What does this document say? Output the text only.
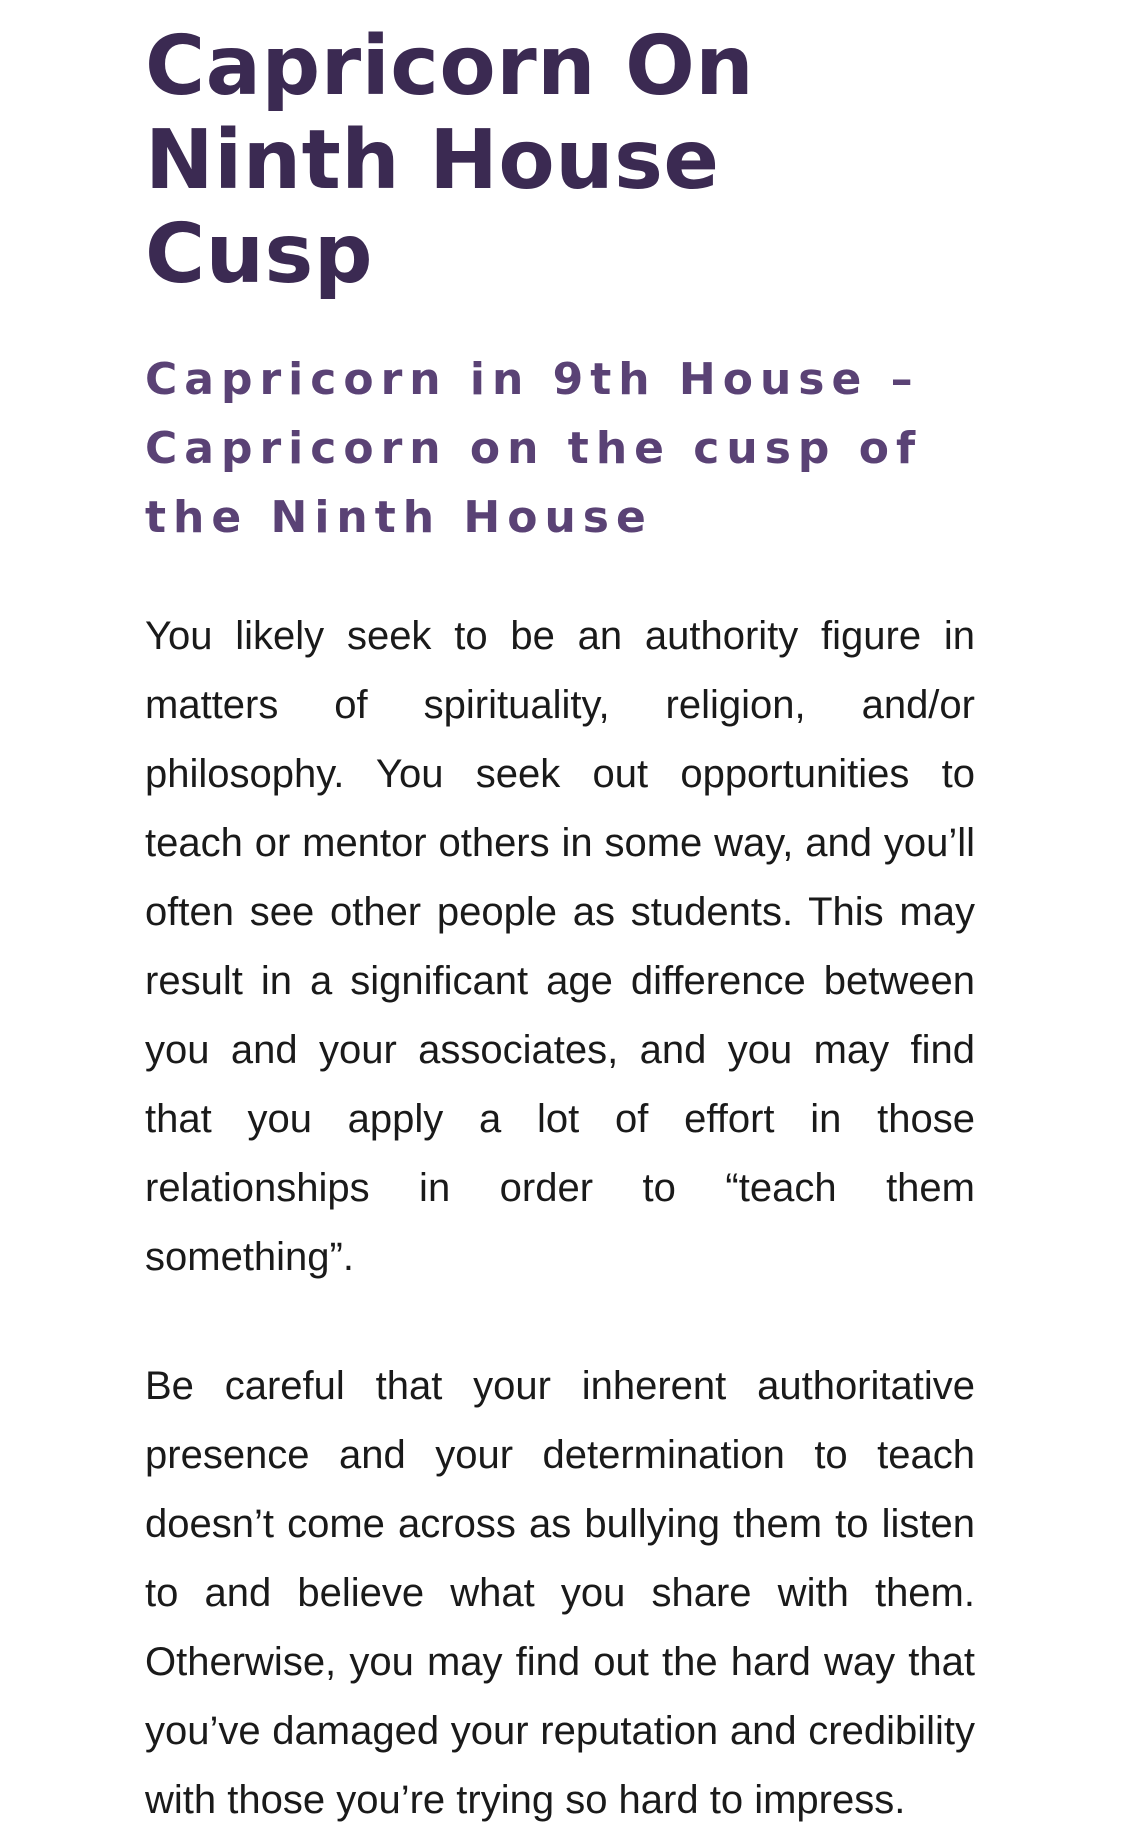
Capricorn On Ninth House Cusp
Capricorn in 9th House – Capricorn on the cusp of the Ninth House

You likely seek to be an authority figure in matters of spirituality, religion, and/or philosophy. You seek out opportunities to teach or mentor others in some way, and you’ll often see other people as students. This may result in a significant age difference between you and your associates, and you may find that you apply a lot of effort in those relationships in order to “teach them something”.

Be careful that your inherent authoritative presence and your determination to teach doesn’t come across as bullying them to listen to and believe what you share with them. Otherwise, you may find out the hard way that you’ve damaged your reputation and credibility with those you’re trying so hard to impress.
